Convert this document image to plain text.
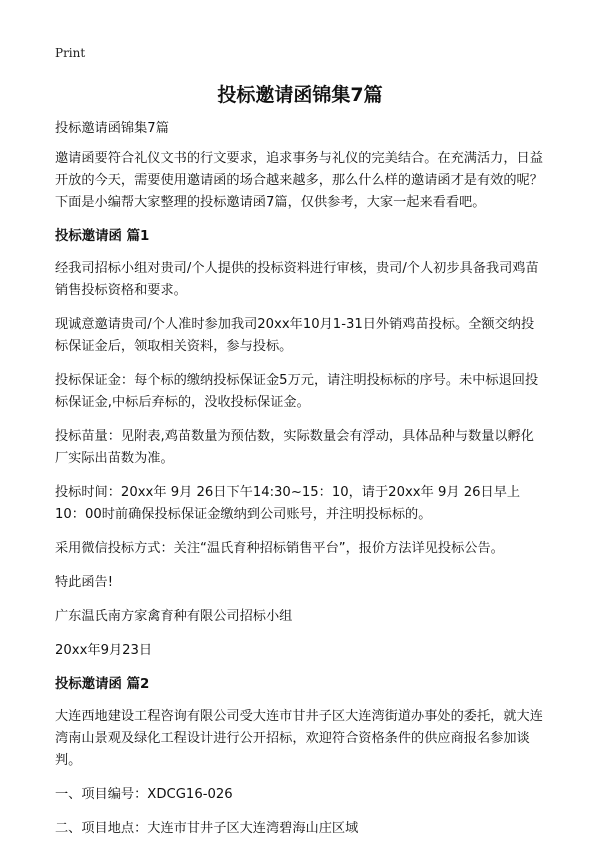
Print
投标邀请函锦集7篇

投标邀请函锦集7篇

邀请函要符合礼仪文书的行文要求，追求事务与礼仪的完美结合。在充满活力，日益开放的今天，需要使用邀请函的场合越来越多，那么什么样的邀请函才是有效的呢？下面是小编帮大家整理的投标邀请函7篇，仅供参考，大家一起来看看吧。

投标邀请函 篇1

经我司招标小组对贵司/个人提供的投标资料进行审核，贵司/个人初步具备我司鸡苗销售投标资格和要求。

现诚意邀请贵司/个人准时参加我司20xx年10月1-31日外销鸡苗投标。全额交纳投标保证金后，领取相关资料，参与投标。

投标保证金：每个标的缴纳投标保证金5万元，请注明投标标的序号。未中标退回投标保证金,中标后弃标的，没收投标保证金。

投标苗量：见附表,鸡苗数量为预估数，实际数量会有浮动，具体品种与数量以孵化厂实际出苗数为准。

投标时间：20xx年 9月 26日下午14:30~15：10，请于20xx年 9月 26日早上10：00时前确保投标保证金缴纳到公司账号，并注明投标标的。

采用微信投标方式：关注“温氏育种招标销售平台”，报价方法详见投标公告。

特此函告!

广东温氏南方家禽育种有限公司招标小组

20xx年9月23日

投标邀请函 篇2

大连西地建设工程咨询有限公司受大连市甘井子区大连湾街道办事处的委托，就大连湾南山景观及绿化工程设计进行公开招标，欢迎符合资格条件的供应商报名参加谈判。

一、项目编号：XDCG16-026

二、项目地点：大连市甘井子区大连湾碧海山庄区域
